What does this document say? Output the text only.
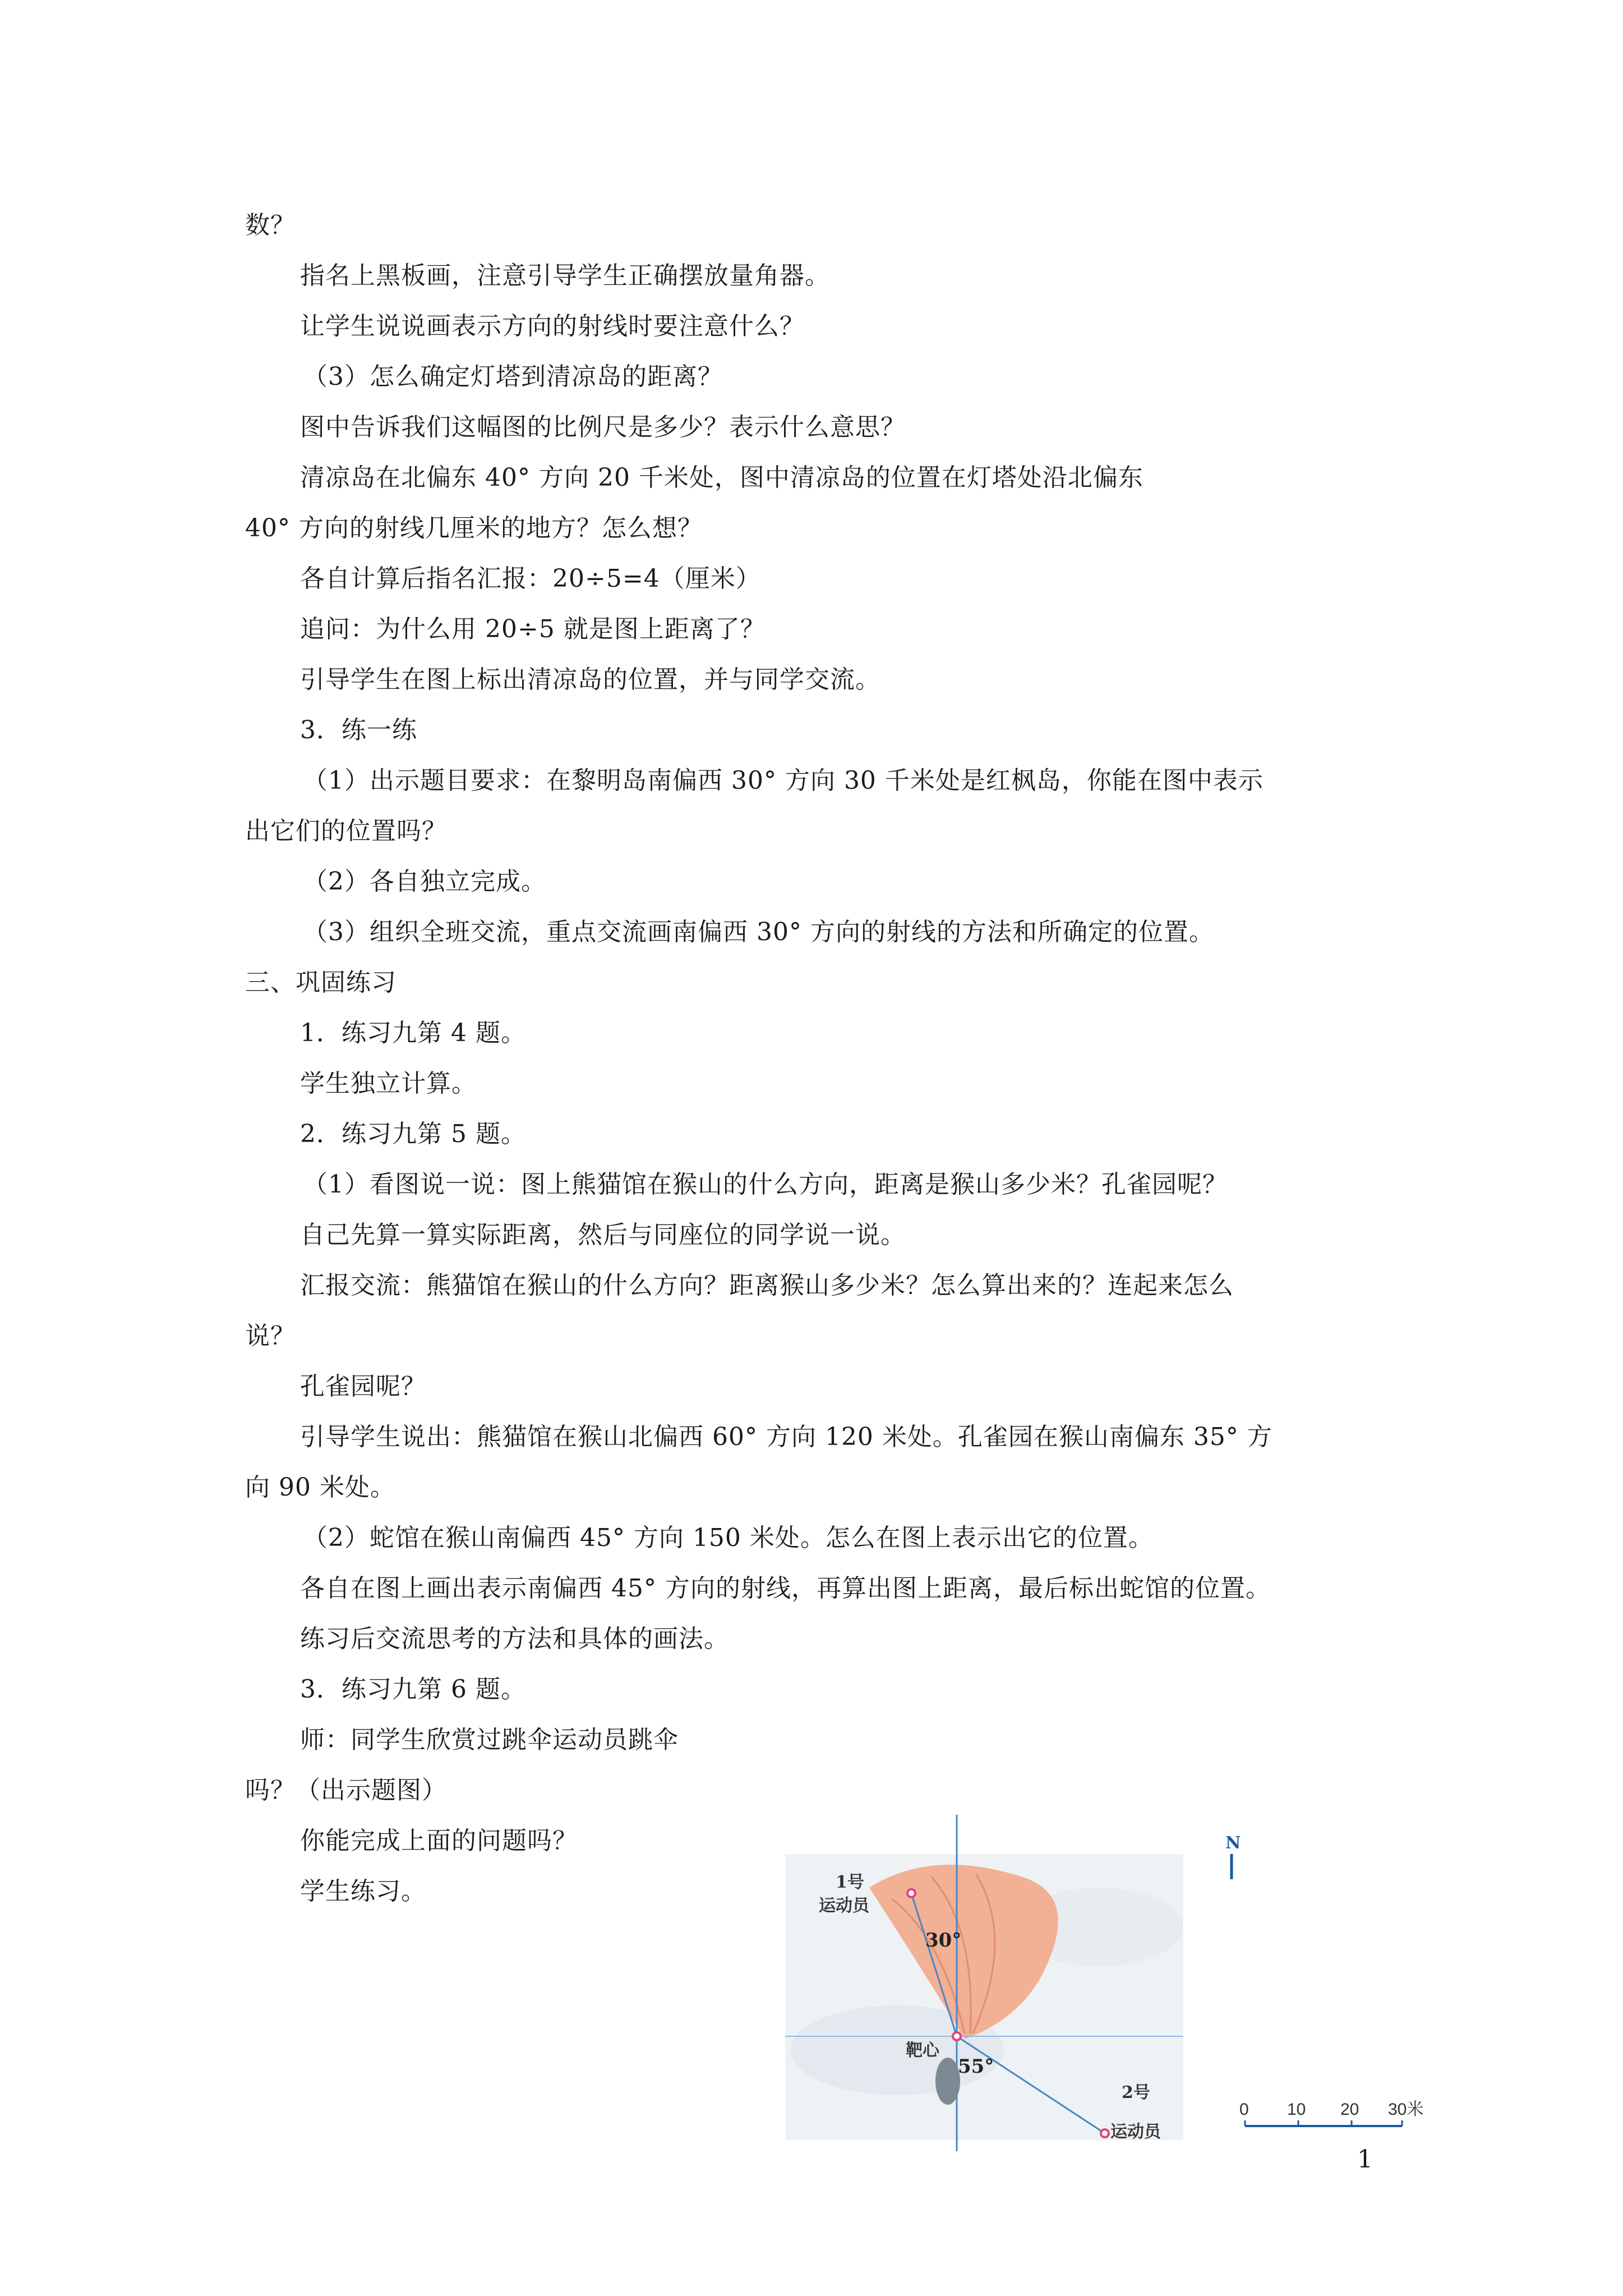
数？
指名上黑板画，注意引导学生正确摆放量角器。
让学生说说画表示方向的射线时要注意什么？
（3）怎么确定灯塔到清凉岛的距离？
图中告诉我们这幅图的比例尺是多少？表示什么意思？
清凉岛在北偏东 40° 方向 20 千米处，图中清凉岛的位置在灯塔处沿北偏东
40° 方向的射线几厘米的地方？怎么想？
各自计算后指名汇报：20÷5=4（厘米）
追问：为什么用 20÷5 就是图上距离了？
引导学生在图上标出清凉岛的位置，并与同学交流。
3．练一练
（1）出示题目要求：在黎明岛南偏西 30° 方向 30 千米处是红枫岛，你能在图中表示
出它们的位置吗？
（2）各自独立完成。
（3）组织全班交流，重点交流画南偏西 30° 方向的射线的方法和所确定的位置。
三、巩固练习
1．练习九第 4 题。
学生独立计算。
2．练习九第 5 题。
（1）看图说一说：图上熊猫馆在猴山的什么方向，距离是猴山多少米？孔雀园呢？
自己先算一算实际距离，然后与同座位的同学说一说。
汇报交流：熊猫馆在猴山的什么方向？距离猴山多少米？怎么算出来的？连起来怎么
说？
孔雀园呢？
引导学生说出：熊猫馆在猴山北偏西 60° 方向 120 米处。孔雀园在猴山南偏东 35° 方
向 90 米处。
（2）蛇馆在猴山南偏西 45° 方向 150 米处。怎么在图上表示出它的位置。
各自在图上画出表示南偏西 45° 方向的射线，再算出图上距离，最后标出蛇馆的位置。
练习后交流思考的方法和具体的画法。
3．练习九第 6 题。
师：同学生欣赏过跳伞运动员跳伞
吗？（出示题图）
你能完成上面的问题吗？
学生练习。	1号
运动员
30°
靶心
55°
2号
运动员
N
0 10 20 30米
1
